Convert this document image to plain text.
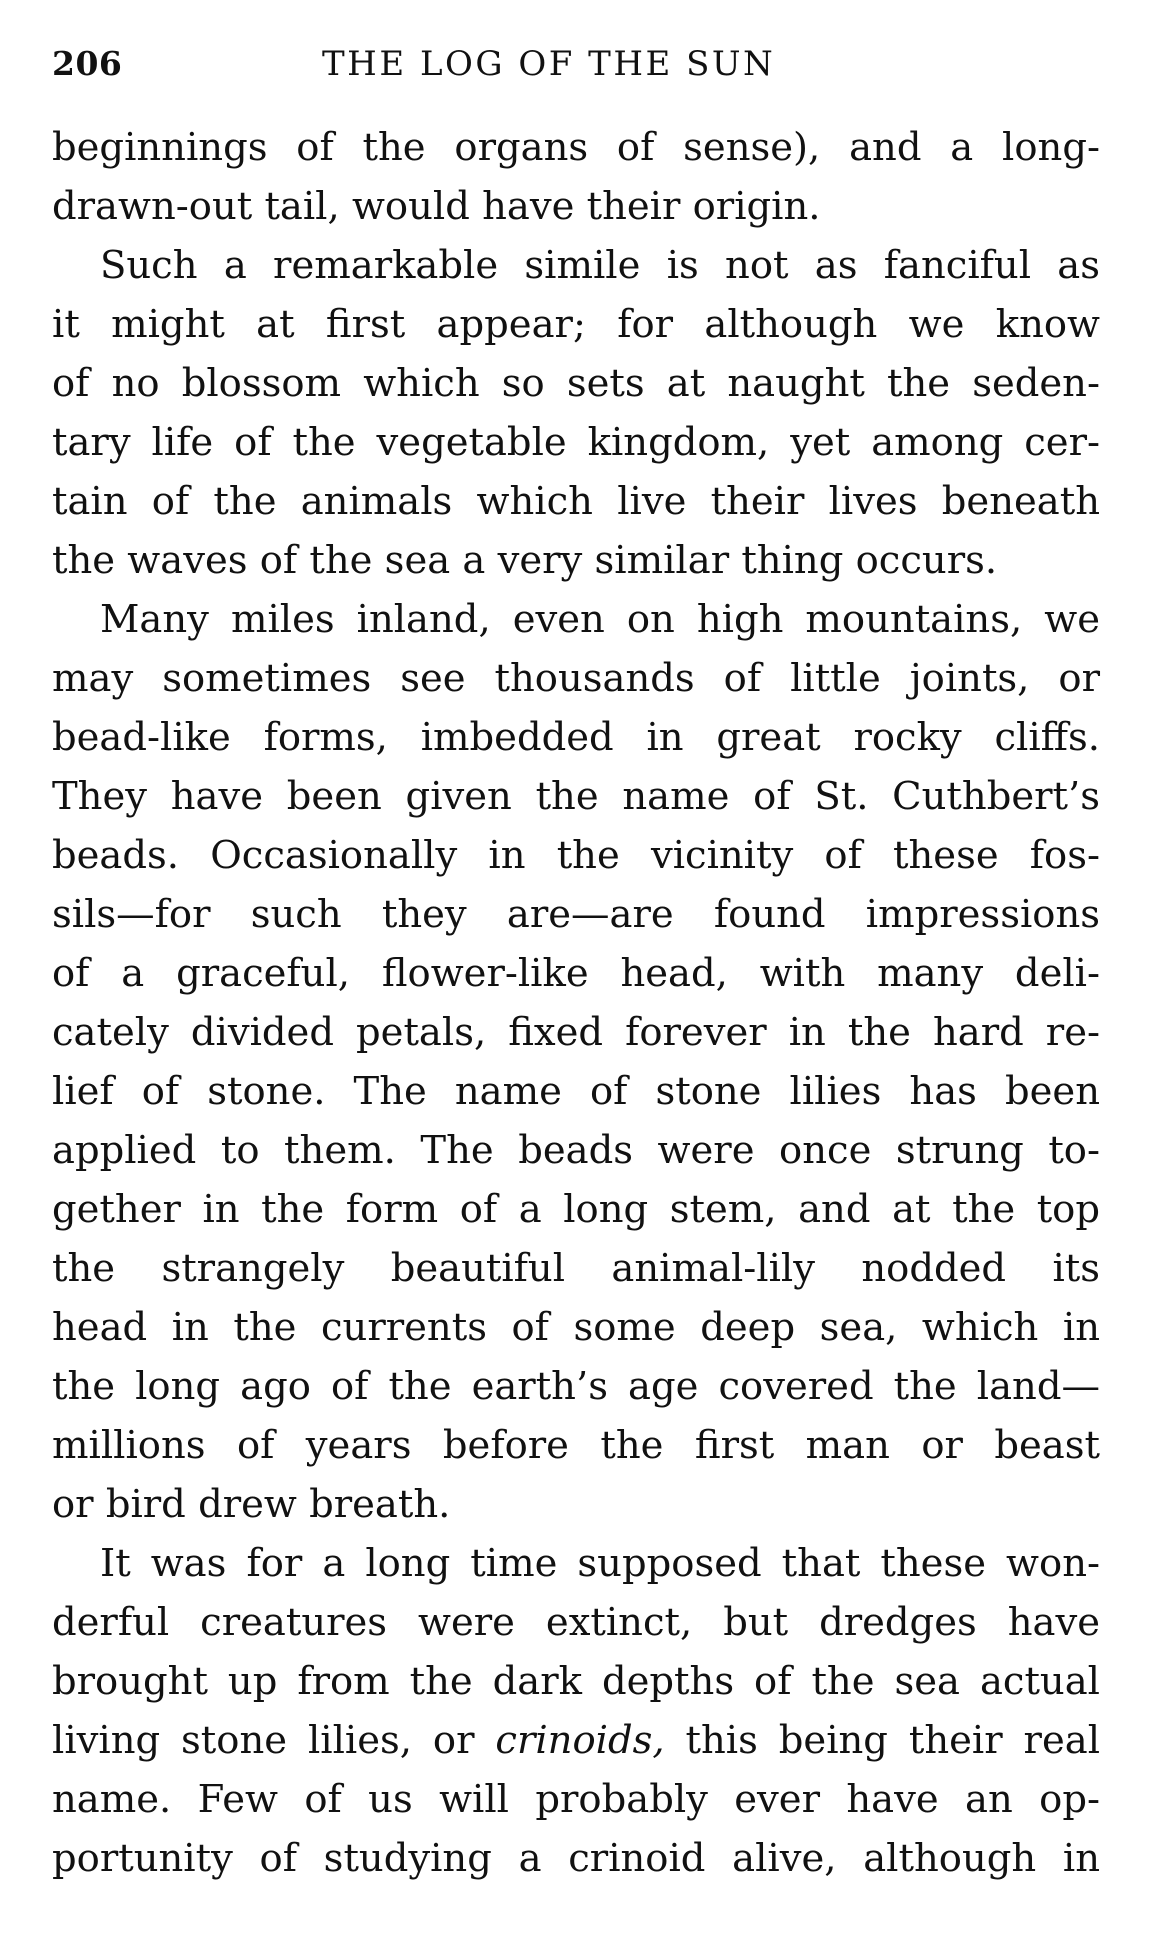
206	THE LOG OF THE SUN
beginnings of the organs of sense), and a long-
drawn-out tail, would have their origin.
Such a remarkable simile is not as fanciful as
it might at first appear; for although we know
of no blossom which so sets at naught the seden-
tary life of the vegetable kingdom, yet among cer-
tain of the animals which live their lives beneath
the waves of the sea a very similar thing occurs.
Many miles inland, even on high mountains, we
may sometimes see thousands of little joints, or
bead-like forms, imbedded in great rocky cliffs.
They have been given the name of St. Cuthbert’s
beads. Occasionally in the vicinity of these fos-
sils—for such they are—are found impressions
of a graceful, flower-like head, with many deli-
cately divided petals, fixed forever in the hard re-
lief of stone. The name of stone lilies has been
applied to them. The beads were once strung to-
gether in the form of a long stem, and at the top
the strangely beautiful animal-lily nodded its
head in the currents of some deep sea, which in
the long ago of the earth’s age covered the land—
millions of years before the first man or beast
or bird drew breath.
It was for a long time supposed that these won-
derful creatures were extinct, but dredges have
brought up from the dark depths of the sea actual
living stone lilies, or crinoids, this being their real
name. Few of us will probably ever have an op-
portunity of studying a crinoid alive, although in
